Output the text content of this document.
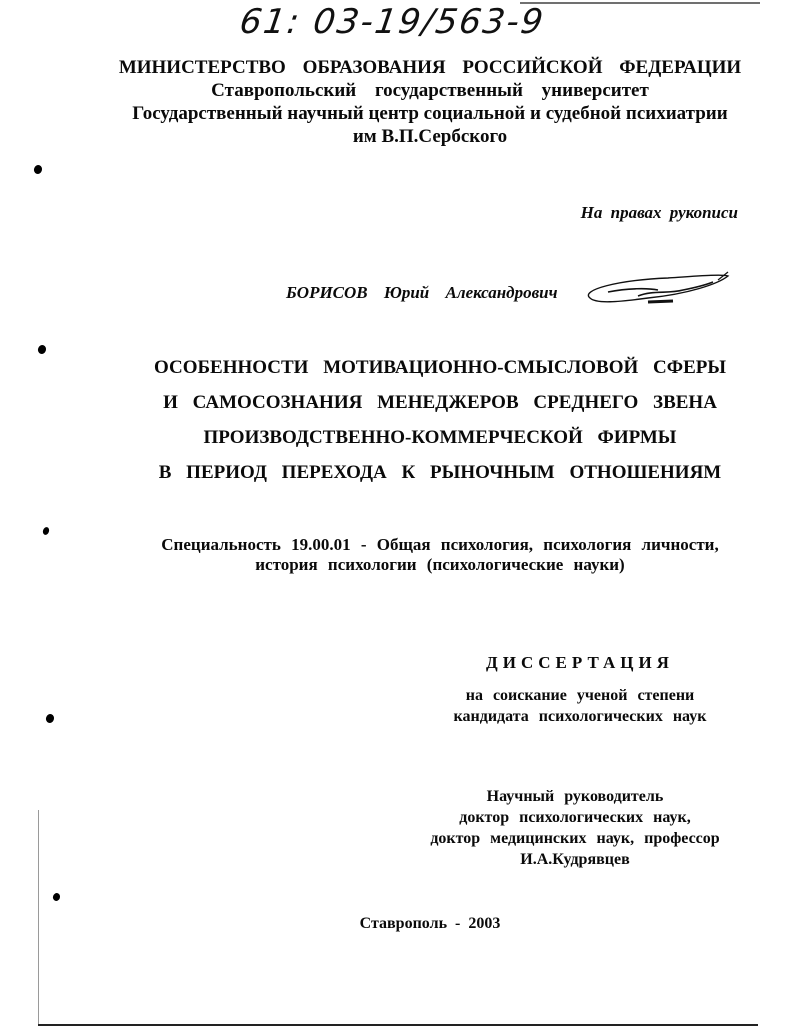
61: 03-19/563-9
МИНИСТЕРСТВО ОБРАЗОВАНИЯ РОССИЙСКОЙ ФЕДЕРАЦИИ
Ставропольский государственный университет
Государственный научный центр социальной и судебной психиатрии
им В.П.Сербского
На правах рукописи
БОРИСОВ Юрий Александрович
ОСОБЕННОСТИ МОТИВАЦИОННО-СМЫСЛОВОЙ СФЕРЫ
И САМОСОЗНАНИЯ МЕНЕДЖЕРОВ СРЕДНЕГО ЗВЕНА
ПРОИЗВОДСТВЕННО-КОММЕРЧЕСКОЙ ФИРМЫ
В ПЕРИОД ПЕРЕХОДА К РЫНОЧНЫМ ОТНОШЕНИЯМ
Специальность 19.00.01 - Общая психология, психология личности,
история психологии (психологические науки)
ДИССЕРТАЦИЯ
на соискание ученой степени
кандидата психологических наук
Научный руководитель
доктор психологических наук,
доктор медицинских наук, профессор
И.А.Кудрявцев
Ставрополь - 2003
